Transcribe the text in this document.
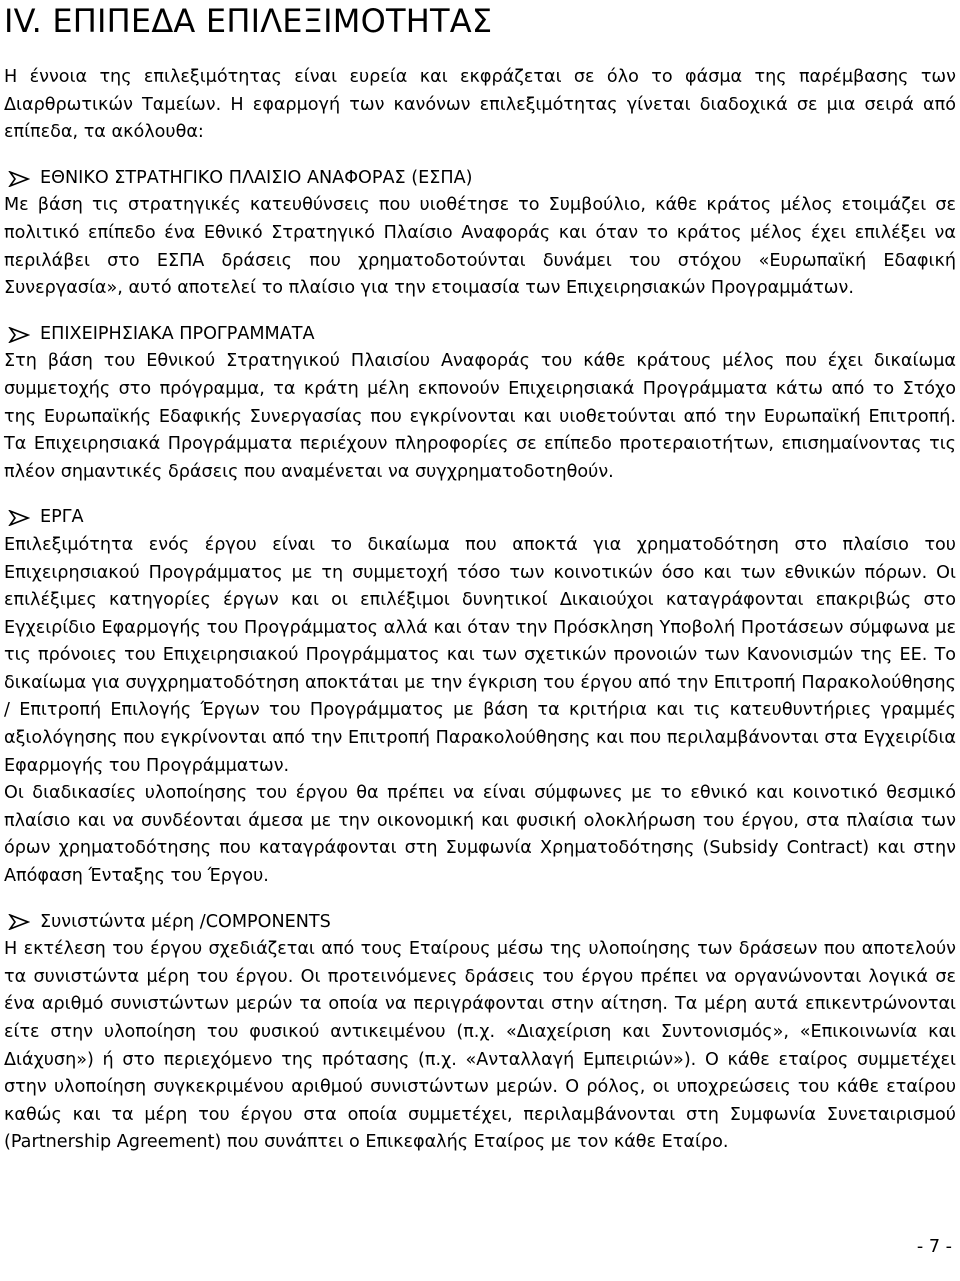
IV. ΕΠΙΠΕΔΑ ΕΠΙΛΕΞΙΜΟΤΗΤΑΣ

Η έννοια της επιλεξιμότητας είναι ευρεία και εκφράζεται σε όλο το φάσμα της παρέμβασης των Διαρθρωτικών Ταμείων. Η εφαρμογή των κανόνων επιλεξιμότητας γίνεται διαδοχικά σε μια σειρά από επίπεδα, τα ακόλουθα:

ΕΘΝΙΚΟ ΣΤΡΑΤΗΓΙΚΟ ΠΛΑΙΣΙΟ ΑΝΑΦΟΡΑΣ (ΕΣΠΑ)

Με βάση τις στρατηγικές κατευθύνσεις που υιοθέτησε το Συμβούλιο, κάθε κράτος μέλος ετοιμάζει σε πολιτικό επίπεδο ένα Εθνικό Στρατηγικό Πλαίσιο Αναφοράς και όταν το κράτος μέλος έχει επιλέξει να περιλάβει στο ΕΣΠΑ δράσεις που χρηματοδοτούνται δυνάμει του στόχου «Ευρωπαϊκή Εδαφική Συνεργασία», αυτό αποτελεί το πλαίσιο για την ετοιμασία των Επιχειρησιακών Προγραμμάτων.

ΕΠΙΧΕΙΡΗΣΙΑΚΑ ΠΡΟΓΡΑΜΜΑΤΑ

Στη βάση του Εθνικού Στρατηγικού Πλαισίου Αναφοράς του κάθε κράτους μέλος που έχει δικαίωμα συμμετοχής στο πρόγραμμα, τα κράτη μέλη εκπονούν Επιχειρησιακά Προγράμματα κάτω από το Στόχο της Ευρωπαϊκής Εδαφικής Συνεργασίας που εγκρίνονται και υιοθετούνται από την Ευρωπαϊκή Επιτροπή. Τα Επιχειρησιακά Προγράμματα περιέχουν πληροφορίες σε επίπεδο προτεραιοτήτων, επισημαίνοντας τις πλέον σημαντικές δράσεις που αναμένεται να συγχρηματοδοτηθούν.

ΕΡΓΑ

Επιλεξιμότητα ενός έργου είναι το δικαίωμα που αποκτά για χρηματοδότηση στο πλαίσιο του Επιχειρησιακού Προγράμματος με τη συμμετοχή τόσο των κοινοτικών όσο και των εθνικών πόρων. Οι επιλέξιμες κατηγορίες έργων και οι επιλέξιμοι δυνητικοί Δικαιούχοι καταγράφονται επακριβώς στο Εγχειρίδιο Εφαρμογής του Προγράμματος αλλά και όταν την Πρόσκληση Υποβολή Προτάσεων σύμφωνα με τις πρόνοιες του Επιχειρησιακού Προγράμματος και των σχετικών προνοιών των Κανονισμών της ΕΕ. Το δικαίωμα για συγχρηματοδότηση αποκτάται με την έγκριση του έργου από την Επιτροπή Παρακολούθησης / Επιτροπή Επιλογής Έργων του Προγράμματος με βάση τα κριτήρια και τις κατευθυντήριες γραμμές αξιολόγησης που εγκρίνονται από την Επιτροπή Παρακολούθησης και που περιλαμβάνονται στα Εγχειρίδια Εφαρμογής του Προγράμματων.

Οι διαδικασίες υλοποίησης του έργου θα πρέπει να είναι σύμφωνες με το εθνικό και κοινοτικό θεσμικό πλαίσιο και να συνδέονται άμεσα με την οικονομική και φυσική ολοκλήρωση του έργου, στα πλαίσια των όρων χρηματοδότησης που καταγράφονται στη Συμφωνία Χρηματοδότησης (Subsidy Contract) και στην Απόφαση Ένταξης του Έργου.

Συνιστώντα μέρη /COMPONENTS

Η εκτέλεση του έργου σχεδιάζεται από τους Εταίρους μέσω της υλοποίησης των δράσεων που αποτελούν τα συνιστώντα μέρη του έργου. Οι προτεινόμενες δράσεις του έργου πρέπει να οργανώνονται λογικά σε ένα αριθμό συνιστώντων μερών τα οποία να περιγράφονται στην αίτηση. Τα μέρη αυτά επικεντρώνονται είτε στην υλοποίηση του φυσικού αντικειμένου (π.χ. «Διαχείριση και Συντονισμός», «Επικοινωνία και Διάχυση») ή στο περιεχόμενο της πρότασης (π.χ. «Ανταλλαγή Εμπειριών»). Ο κάθε εταίρος συμμετέχει στην υλοποίηση συγκεκριμένου αριθμού συνιστώντων μερών. Ο ρόλος, οι υποχρεώσεις του κάθε εταίρου καθώς και τα μέρη του έργου στα οποία συμμετέχει, περιλαμβάνονται στη Συμφωνία Συνεταιρισμού (Partnership Agreement) που συνάπτει ο Επικεφαλής Εταίρος με τον κάθε Εταίρο.

- 7 -
